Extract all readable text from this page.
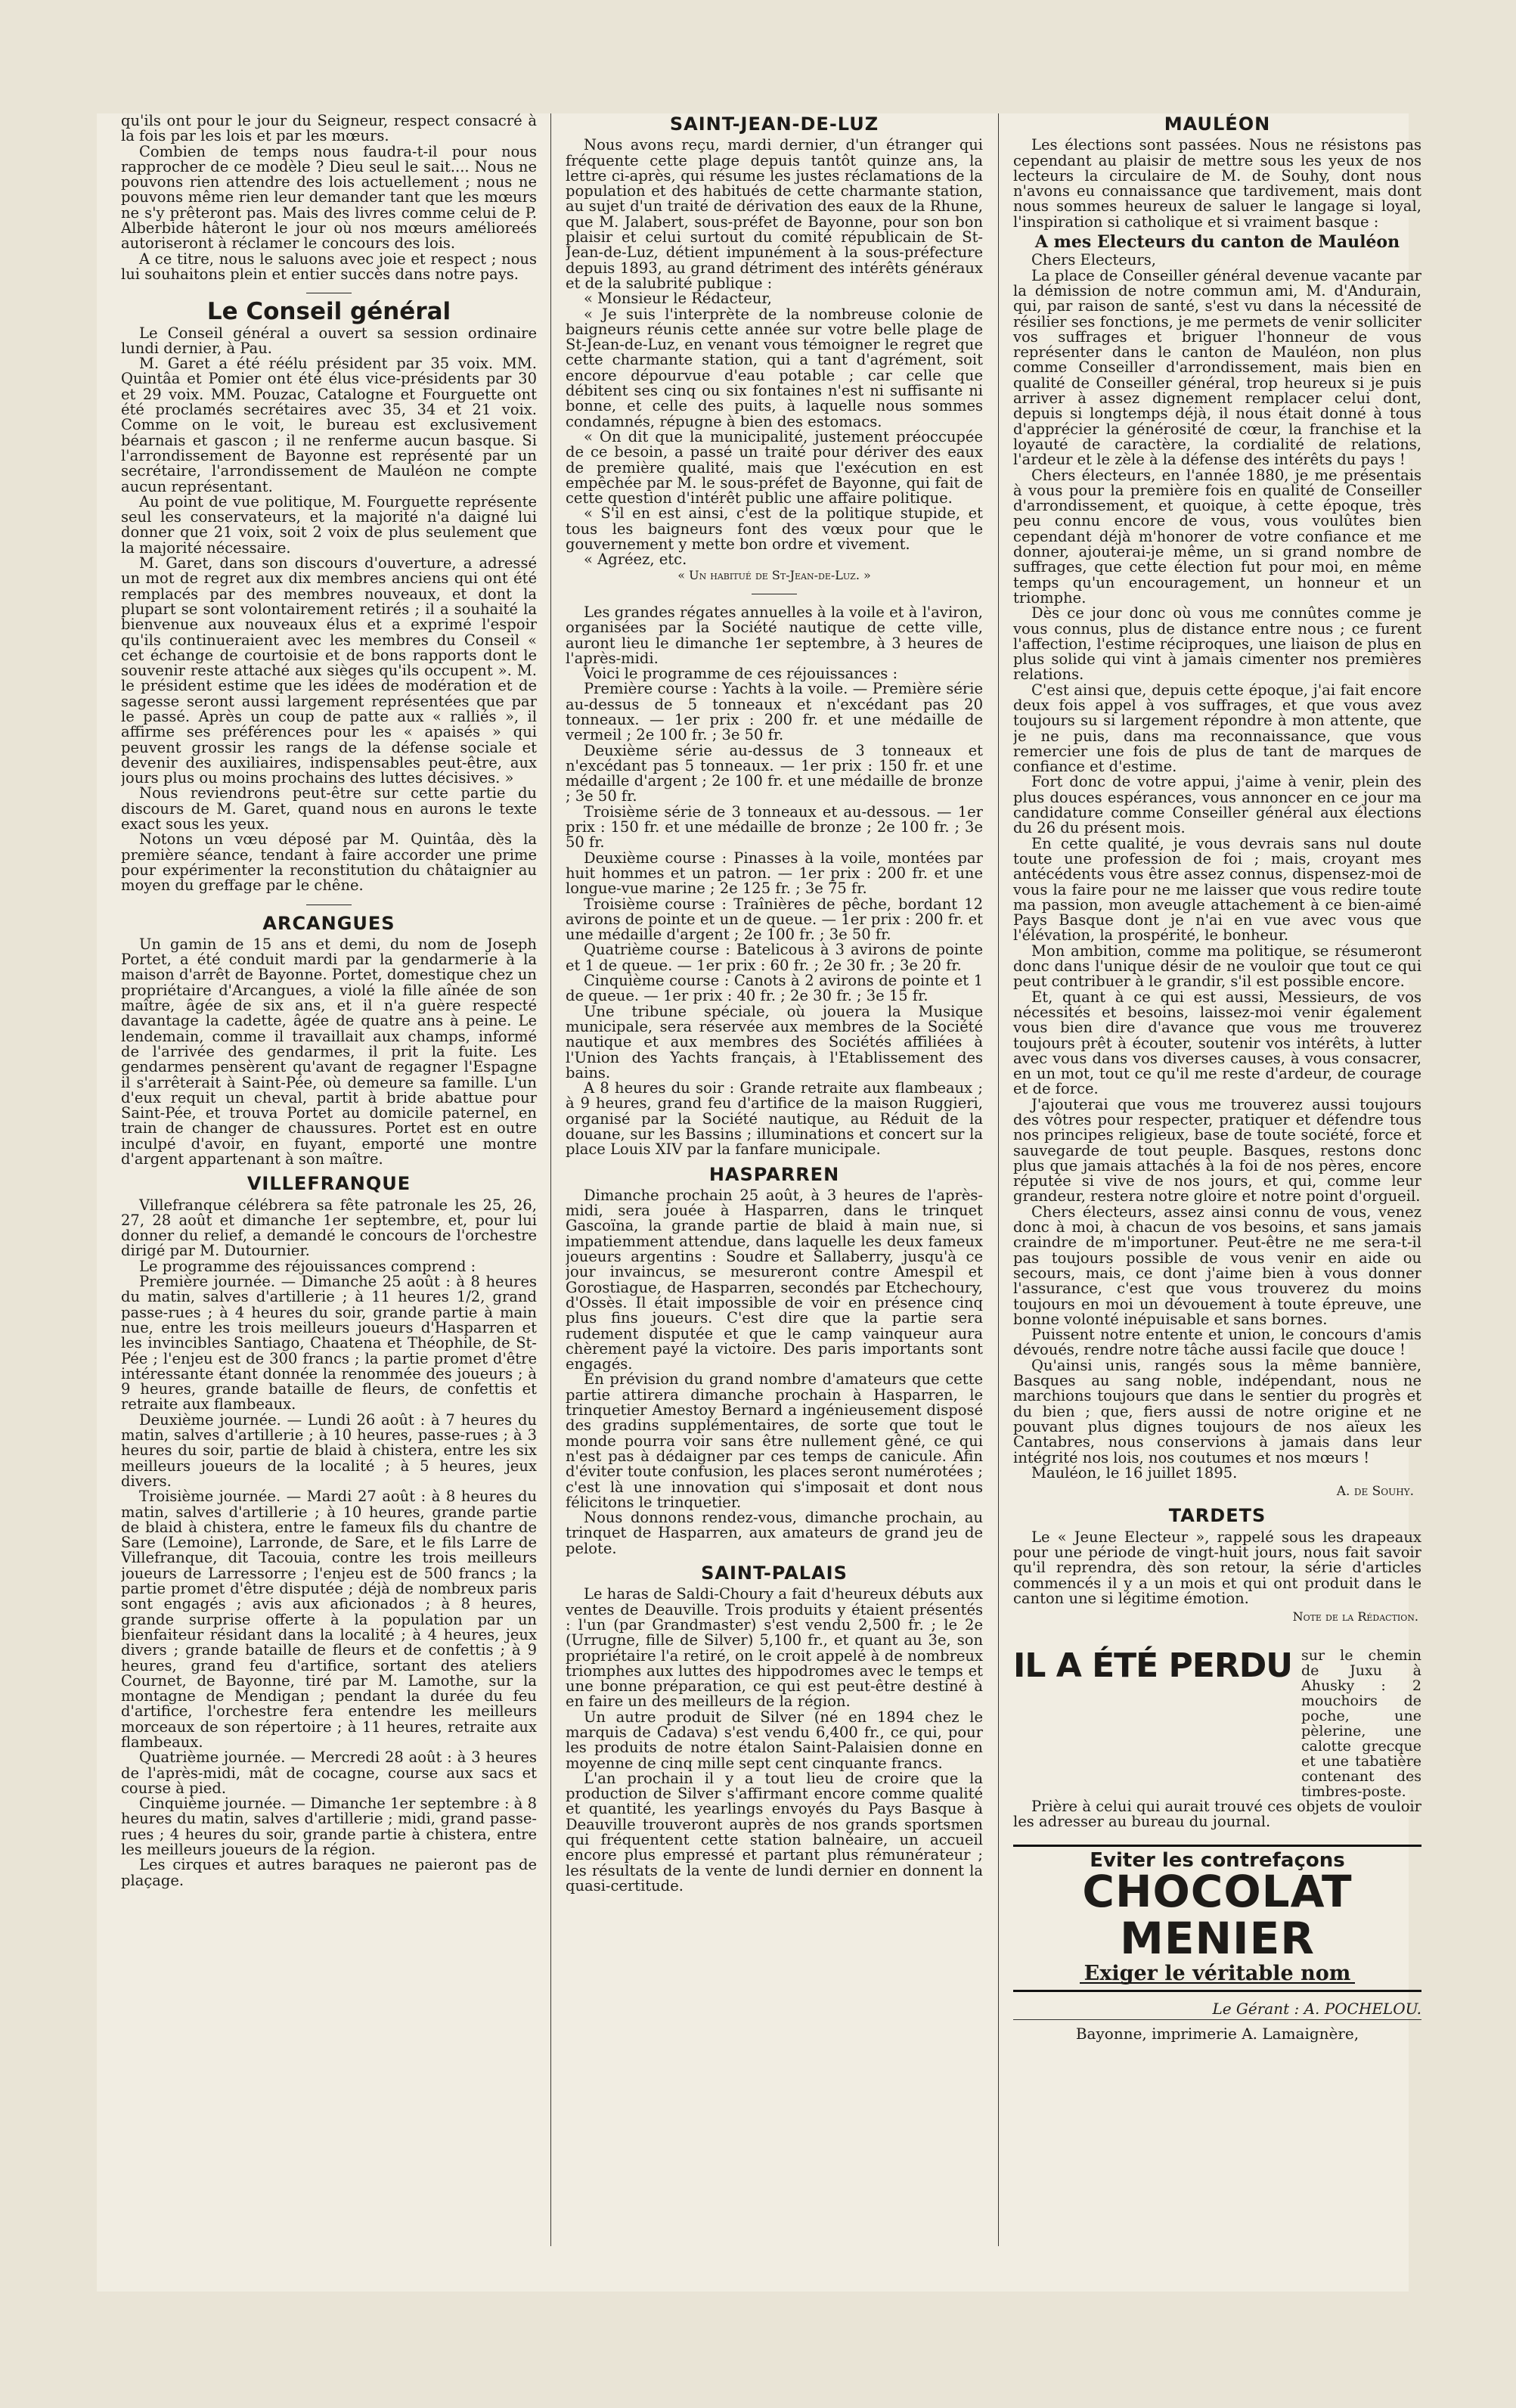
qu'ils ont pour le jour du Seigneur, respect consacré à la fois par les lois et par les mœurs.

Combien de temps nous faudra-t-il pour nous rapprocher de ce modèle ? Dieu seul le sait.... Nous ne pouvons rien attendre des lois actuellement ; nous ne pouvons même rien leur demander tant que les mœurs ne s'y prêteront pas. Mais des livres comme celui de P. Alberbide hâteront le jour où nos mœurs amélioreés autoriseront à réclamer le concours des lois.

A ce titre, nous le saluons avec joie et respect ; nous lui souhaitons plein et entier succès dans notre pays.

Le Conseil général

Le Conseil général a ouvert sa session ordinaire lundi dernier, à Pau.

M. Garet a été réélu président par 35 voix. MM. Quintâa et Pomier ont été élus vice-présidents par 30 et 29 voix. MM. Pouzac, Catalogne et Fourguette ont été proclamés secrétaires avec 35, 34 et 21 voix. Comme on le voit, le bureau est exclusivement béarnais et gascon ; il ne renferme aucun basque. Si l'arrondissement de Bayonne est représenté par un secrétaire, l'arrondissement de Mauléon ne compte aucun représentant.

Au point de vue politique, M. Fourguette représente seul les conservateurs, et la majorité n'a daigné lui donner que 21 voix, soit 2 voix de plus seulement que la majorité nécessaire.

M. Garet, dans son discours d'ouverture, a adressé un mot de regret aux dix membres anciens qui ont été remplacés par des membres nouveaux, et dont la plupart se sont volontairement retirés ; il a souhaité la bienvenue aux nouveaux élus et a exprimé l'espoir qu'ils continueraient avec les membres du Conseil « cet échange de courtoisie et de bons rapports dont le souvenir reste attaché aux sièges qu'ils occupent ». M. le président estime que les idées de modération et de sagesse seront aussi largement représentées que par le passé. Après un coup de patte aux « ralliés », il affirme ses préférences pour les « apaisés » qui peuvent grossir les rangs de la défense sociale et devenir des auxiliaires, indispensables peut-être, aux jours plus ou moins prochains des luttes décisives. »

Nous reviendrons peut-être sur cette partie du discours de M. Garet, quand nous en aurons le texte exact sous les yeux.

Notons un vœu déposé par M. Quintâa, dès la première séance, tendant à faire accorder une prime pour expérimenter la reconstitution du châtaignier au moyen du greffage par le chêne.

ARCANGUES

Un gamin de 15 ans et demi, du nom de Joseph Portet, a été conduit mardi par la gendarmerie à la maison d'arrêt de Bayonne. Portet, domestique chez un propriétaire d'Arcangues, a violé la fille aînée de son maître, âgée de six ans, et il n'a guère respecté davantage la cadette, âgée de quatre ans à peine. Le lendemain, comme il travaillait aux champs, informé de l'arrivée des gendarmes, il prit la fuite. Les gendarmes pensèrent qu'avant de regagner l'Espagne il s'arrêterait à Saint-Pée, où demeure sa famille. L'un d'eux requit un cheval, partit à bride abattue pour Saint-Pée, et trouva Portet au domicile paternel, en train de changer de chaussures. Portet est en outre inculpé d'avoir, en fuyant, emporté une montre d'argent appartenant à son maître.

VILLEFRANQUE

Villefranque célébrera sa fête patronale les 25, 26, 27, 28 août et dimanche 1er septembre, et, pour lui donner du relief, a demandé le concours de l'orchestre dirigé par M. Dutournier.

Le programme des réjouissances comprend :

Première journée. — Dimanche 25 août : à 8 heures du matin, salves d'artillerie ; à 11 heures 1/2, grand passe-rues ; à 4 heures du soir, grande partie à main nue, entre les trois meilleurs joueurs d'Hasparren et les invincibles Santiago, Chaatena et Théophile, de St-Pée ; l'enjeu est de 300 francs ; la partie promet d'être intéressante étant donnée la renommée des joueurs ; à 9 heures, grande bataille de fleurs, de confettis et retraite aux flambeaux.

Deuxième journée. — Lundi 26 août : à 7 heures du matin, salves d'artillerie ; à 10 heures, passe-rues ; à 3 heures du soir, partie de blaid à chistera, entre les six meilleurs joueurs de la localité ; à 5 heures, jeux divers.

Troisième journée. — Mardi 27 août : à 8 heures du matin, salves d'artillerie ; à 10 heures, grande partie de blaid à chistera, entre le fameux fils du chantre de Sare (Lemoine), Larronde, de Sare, et le fils Larre de Villefranque, dit Tacouia, contre les trois meilleurs joueurs de Larressorre ; l'enjeu est de 500 francs ; la partie promet d'être disputée ; déjà de nombreux paris sont engagés ; avis aux aficionados ; à 8 heures, grande surprise offerte à la population par un bienfaiteur résidant dans la localité ; à 4 heures, jeux divers ; grande bataille de fleurs et de confettis ; à 9 heures, grand feu d'artifice, sortant des ateliers Cournet, de Bayonne, tiré par M. Lamothe, sur la montagne de Mendigan ; pendant la durée du feu d'artifice, l'orchestre fera entendre les meilleurs morceaux de son répertoire ; à 11 heures, retraite aux flambeaux.

Quatrième journée. — Mercredi 28 août : à 3 heures de l'après-midi, mât de cocagne, course aux sacs et course à pied.

Cinquième journée. — Dimanche 1er septembre : à 8 heures du matin, salves d'artillerie ; midi, grand passe-rues ; 4 heures du soir, grande partie à chistera, entre les meilleurs joueurs de la région.

Les cirques et autres baraques ne paieront pas de plaçage.

SAINT-JEAN-DE-LUZ

Nous avons reçu, mardi dernier, d'un étranger qui fréquente cette plage depuis tantôt quinze ans, la lettre ci-après, qui résume les justes réclamations de la population et des habitués de cette charmante station, au sujet d'un traité de dérivation des eaux de la Rhune, que M. Jalabert, sous-préfet de Bayonne, pour son bon plaisir et celui surtout du comité républicain de St-Jean-de-Luz, détient impunément à la sous-préfecture depuis 1893, au grand détriment des intérêts généraux et de la salubrité publique :

« Monsieur le Rédacteur,

« Je suis l'interprète de la nombreuse colonie de baigneurs réunis cette année sur votre belle plage de St-Jean-de-Luz, en venant vous témoigner le regret que cette charmante station, qui a tant d'agrément, soit encore dépourvue d'eau potable ; car celle que débitent ses cinq ou six fontaines n'est ni suffisante ni bonne, et celle des puits, à laquelle nous sommes condamnés, répugne à bien des estomacs.

« On dit que la municipalité, justement préoccupée de ce besoin, a passé un traité pour dériver des eaux de première qualité, mais que l'exécution en est empêchée par M. le sous-préfet de Bayonne, qui fait de cette question d'intérêt public une affaire politique.

« S'il en est ainsi, c'est de la politique stupide, et tous les baigneurs font des vœux pour que le gouvernement y mette bon ordre et vivement.

« Agréez, etc.

« Un habitué de St-Jean-de-Luz. »

Les grandes régates annuelles à la voile et à l'aviron, organisées par la Société nautique de cette ville, auront lieu le dimanche 1er septembre, à 3 heures de l'après-midi.

Voici le programme de ces réjouissances :

Première course : Yachts à la voile. — Première série au-dessus de 5 tonneaux et n'excédant pas 20 tonneaux. — 1er prix : 200 fr. et une médaille de vermeil ; 2e 100 fr. ; 3e 50 fr.

Deuxième série au-dessus de 3 tonneaux et n'excédant pas 5 tonneaux. — 1er prix : 150 fr. et une médaille d'argent ; 2e 100 fr. et une médaille de bronze ; 3e 50 fr.

Troisième série de 3 tonneaux et au-dessous. — 1er prix : 150 fr. et une médaille de bronze ; 2e 100 fr. ; 3e 50 fr.

Deuxième course : Pinasses à la voile, montées par huit hommes et un patron. — 1er prix : 200 fr. et une longue-vue marine ; 2e 125 fr. ; 3e 75 fr.

Troisième course : Traînières de pêche, bordant 12 avirons de pointe et un de queue. — 1er prix : 200 fr. et une médaille d'argent ; 2e 100 fr. ; 3e 50 fr.

Quatrième course : Batelicous à 3 avirons de pointe et 1 de queue. — 1er prix : 60 fr. ; 2e 30 fr. ; 3e 20 fr.

Cinquième course : Canots à 2 avirons de pointe et 1 de queue. — 1er prix : 40 fr. ; 2e 30 fr. ; 3e 15 fr.

Une tribune spéciale, où jouera la Musique municipale, sera réservée aux membres de la Société nautique et aux membres des Sociétés affiliées à l'Union des Yachts français, à l'Etablissement des bains.

A 8 heures du soir : Grande retraite aux flambeaux ; à 9 heures, grand feu d'artifice de la maison Ruggieri, organisé par la Société nautique, au Réduit de la douane, sur les Bassins ; illuminations et concert sur la place Louis XIV par la fanfare municipale.

HASPARREN

Dimanche prochain 25 août, à 3 heures de l'après-midi, sera jouée à Hasparren, dans le trinquet Gascoïna, la grande partie de blaid à main nue, si impatiemment attendue, dans laquelle les deux fameux joueurs argentins : Soudre et Sallaberry, jusqu'à ce jour invaincus, se mesureront contre Amespil et Gorostiague, de Hasparren, secondés par Etchechoury, d'Ossès. Il était impossible de voir en présence cinq plus fins joueurs. C'est dire que la partie sera rudement disputée et que le camp vainqueur aura chèrement payé la victoire. Des paris importants sont engagés.

En prévision du grand nombre d'amateurs que cette partie attirera dimanche prochain à Hasparren, le trinquetier Amestoy Bernard a ingénieusement disposé des gradins supplémentaires, de sorte que tout le monde pourra voir sans être nullement gêné, ce qui n'est pas à dédaigner par ces temps de canicule. Afin d'éviter toute confusion, les places seront numérotées ; c'est là une innovation qui s'imposait et dont nous félicitons le trinquetier.

Nous donnons rendez-vous, dimanche prochain, au trinquet de Hasparren, aux amateurs de grand jeu de pelote.

SAINT-PALAIS

Le haras de Saldi-Choury a fait d'heureux débuts aux ventes de Deauville. Trois produits y étaient présentés : l'un (par Grandmaster) s'est vendu 2,500 fr. ; le 2e (Urrugne, fille de Silver) 5,100 fr., et quant au 3e, son propriétaire l'a retiré, on le croit appelé à de nombreux triomphes aux luttes des hippodromes avec le temps et une bonne préparation, ce qui est peut-être destiné à en faire un des meilleurs de la région.

Un autre produit de Silver (né en 1894 chez le marquis de Cadava) s'est vendu 6,400 fr., ce qui, pour les produits de notre étalon Saint-Palaisien donne en moyenne de cinq mille sept cent cinquante francs.

L'an prochain il y a tout lieu de croire que la production de Silver s'affirmant encore comme qualité et quantité, les yearlings envoyés du Pays Basque à Deauville trouveront auprès de nos grands sportsmen qui fréquentent cette station balnéaire, un accueil encore plus empressé et partant plus rémunérateur ; les résultats de la vente de lundi dernier en donnent la quasi-certitude.

MAULÉON

Les élections sont passées. Nous ne résistons pas cependant au plaisir de mettre sous les yeux de nos lecteurs la circulaire de M. de Souhy, dont nous n'avons eu connaissance que tardivement, mais dont nous sommes heureux de saluer le langage si loyal, l'inspiration si catholique et si vraiment basque :

A mes Electeurs du canton de Mauléon

Chers Electeurs,

La place de Conseiller général devenue vacante par la démission de notre commun ami, M. d'Andurain, qui, par raison de santé, s'est vu dans la nécessité de résilier ses fonctions, je me permets de venir solliciter vos suffrages et briguer l'honneur de vous représenter dans le canton de Mauléon, non plus comme Conseiller d'arrondissement, mais bien en qualité de Conseiller général, trop heureux si je puis arriver à assez dignement remplacer celui dont, depuis si longtemps déjà, il nous était donné à tous d'apprécier la générosité de cœur, la franchise et la loyauté de caractère, la cordialité de relations, l'ardeur et le zèle à la défense des intérêts du pays !

Chers électeurs, en l'année 1880, je me présentais à vous pour la première fois en qualité de Conseiller d'arrondissement, et quoique, à cette époque, très peu connu encore de vous, vous voulûtes bien cependant déjà m'honorer de votre confiance et me donner, ajouterai-je même, un si grand nombre de suffrages, que cette élection fut pour moi, en même temps qu'un encouragement, un honneur et un triomphe.

Dès ce jour donc où vous me connûtes comme je vous connus, plus de distance entre nous ; ce furent l'affection, l'estime réciproques, une liaison de plus en plus solide qui vint à jamais cimenter nos premières relations.

C'est ainsi que, depuis cette époque, j'ai fait encore deux fois appel à vos suffrages, et que vous avez toujours su si largement répondre à mon attente, que je ne puis, dans ma reconnaissance, que vous remercier une fois de plus de tant de marques de confiance et d'estime.

Fort donc de votre appui, j'aime à venir, plein des plus douces espérances, vous annoncer en ce jour ma candidature comme Conseiller général aux élections du 26 du présent mois.

En cette qualité, je vous devrais sans nul doute toute une profession de foi ; mais, croyant mes antécédents vous être assez connus, dispensez-moi de vous la faire pour ne me laisser que vous redire toute ma passion, mon aveugle attachement à ce bien-aimé Pays Basque dont je n'ai en vue avec vous que l'élévation, la prospérité, le bonheur.

Mon ambition, comme ma politique, se résumeront donc dans l'unique désir de ne vouloir que tout ce qui peut contribuer à le grandir, s'il est possible encore.

Et, quant à ce qui est aussi, Messieurs, de vos nécessités et besoins, laissez-moi venir également vous bien dire d'avance que vous me trouverez toujours prêt à écouter, soutenir vos intérêts, à lutter avec vous dans vos diverses causes, à vous consacrer, en un mot, tout ce qu'il me reste d'ardeur, de courage et de force.

J'ajouterai que vous me trouverez aussi toujours des vôtres pour respecter, pratiquer et défendre tous nos principes religieux, base de toute société, force et sauvegarde de tout peuple. Basques, restons donc plus que jamais attachés à la foi de nos pères, encore réputée si vive de nos jours, et qui, comme leur grandeur, restera notre gloire et notre point d'orgueil.

Chers électeurs, assez ainsi connu de vous, venez donc à moi, à chacun de vos besoins, et sans jamais craindre de m'importuner. Peut-être ne me sera-t-il pas toujours possible de vous venir en aide ou secours, mais, ce dont j'aime bien à vous donner l'assurance, c'est que vous trouverez du moins toujours en moi un dévouement à toute épreuve, une bonne volonté inépuisable et sans bornes.

Puissent notre entente et union, le concours d'amis dévoués, rendre notre tâche aussi facile que douce !

Qu'ainsi unis, rangés sous la même bannière, Basques au sang noble, indépendant, nous ne marchions toujours que dans le sentier du progrès et du bien ; que, fiers aussi de notre origine et ne pouvant plus dignes toujours de nos aïeux les Cantabres, nous conservions à jamais dans leur intégrité nos lois, nos coutumes et nos mœurs !

Mauléon, le 16 juillet 1895.

A. de Souhy.
TARDETS

Le « Jeune Electeur », rappelé sous les drapeaux pour une période de vingt-huit jours, nous fait savoir qu'il reprendra, dès son retour, la série d'articles commencés il y a un mois et qui ont produit dans le canton une si légitime émotion.

Note de la Rédaction.
IL A ÉTÉ PERDU sur le chemin de Juxu à Ahusky : 2 mouchoirs de poche, une pèlerine, une calotte grecque et une tabatière contenant des timbres-poste.

Prière à celui qui aurait trouvé ces objets de vouloir les adresser au bureau du journal.

Eviter les contrefaçons
CHOCOLAT
MENIER
Exiger le véritable nom
Le Gérant : A. POCHELOU.
Bayonne, imprimerie A. Lamaignère,
